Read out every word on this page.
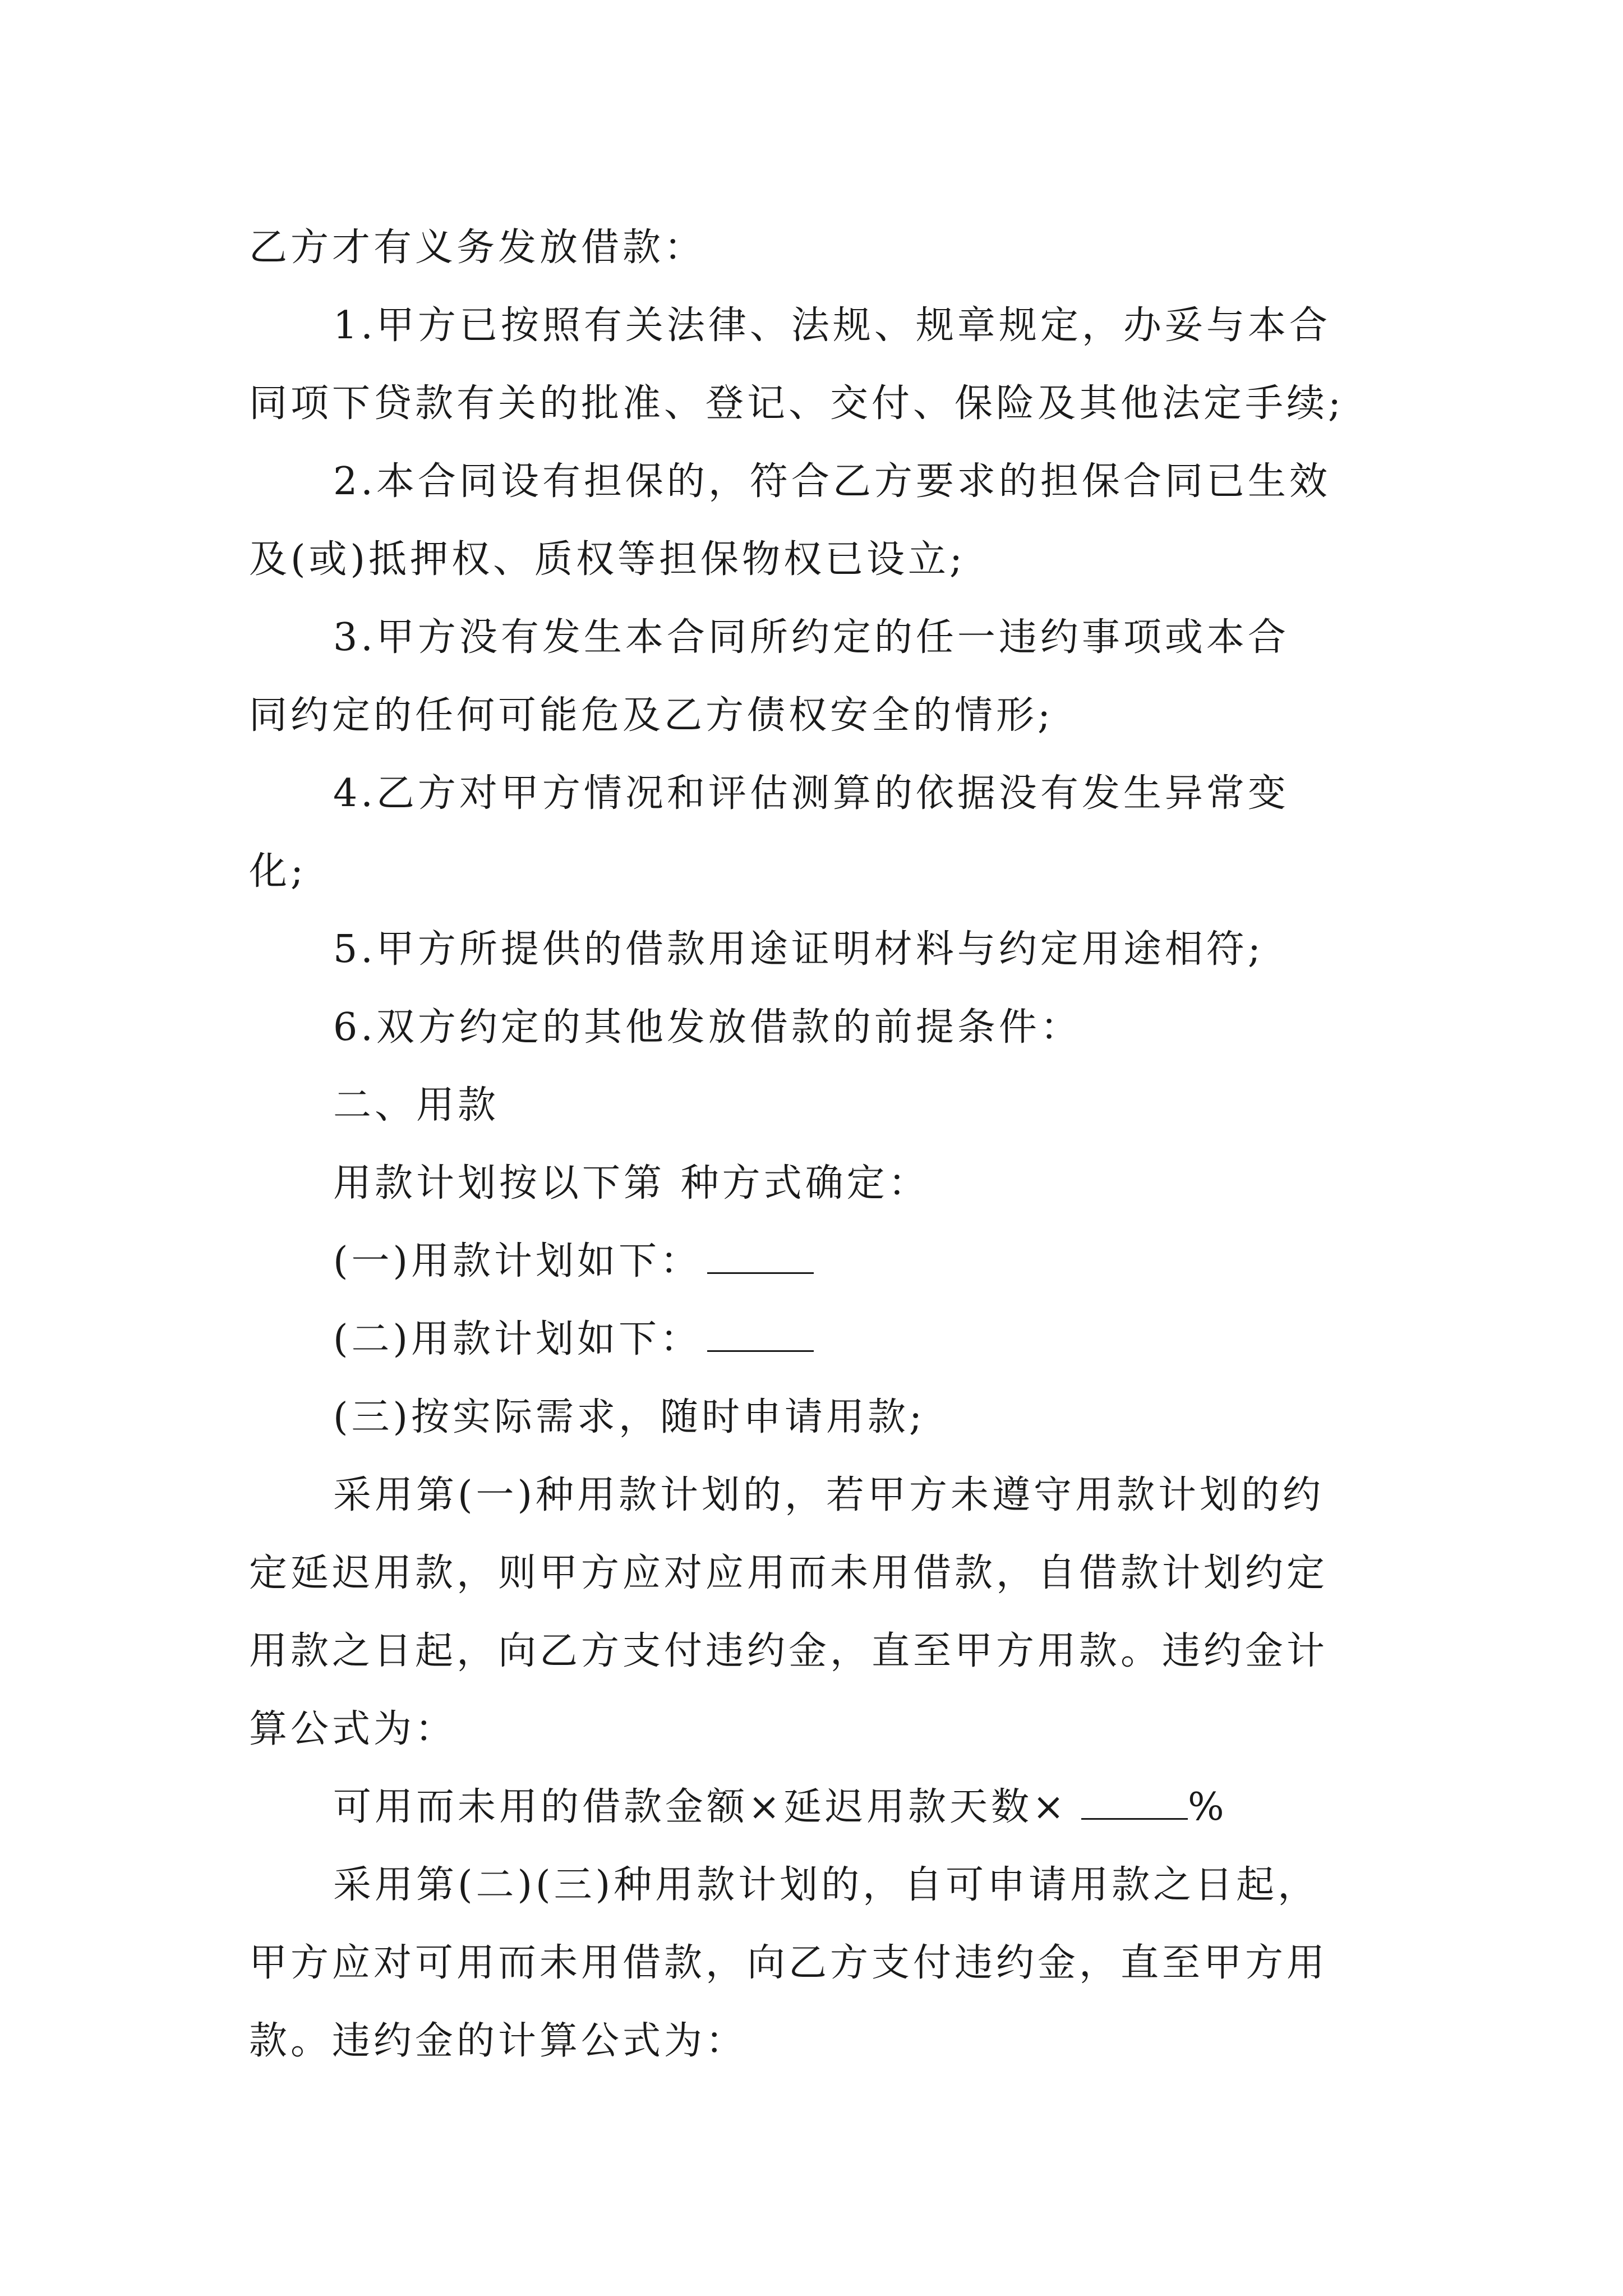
乙方才有义务发放借款：
1.甲方已按照有关法律、法规、规章规定，办妥与本合
同项下贷款有关的批准、登记、交付、保险及其他法定手续;
2.本合同设有担保的，符合乙方要求的担保合同已生效
及(或)抵押权、质权等担保物权已设立;
3.甲方没有发生本合同所约定的任一违约事项或本合
同约定的任何可能危及乙方债权安全的情形;
4.乙方对甲方情况和评估测算的依据没有发生异常变
化;
5.甲方所提供的借款用途证明材料与约定用途相符;
6.双方约定的其他发放借款的前提条件：
二、用款
用款计划按以下第 种方式确定：
(一)用款计划如下：
(二)用款计划如下：
(三)按实际需求，随时申请用款;
采用第(一)种用款计划的，若甲方未遵守用款计划的约
定延迟用款，则甲方应对应用而未用借款，自借款计划约定
用款之日起，向乙方支付违约金，直至甲方用款。违约金计
算公式为：
可用而未用的借款金额×延迟用款天数×	%
采用第(二)(三)种用款计划的，自可申请用款之日起，
甲方应对可用而未用借款，向乙方支付违约金，直至甲方用
款。违约金的计算公式为：
